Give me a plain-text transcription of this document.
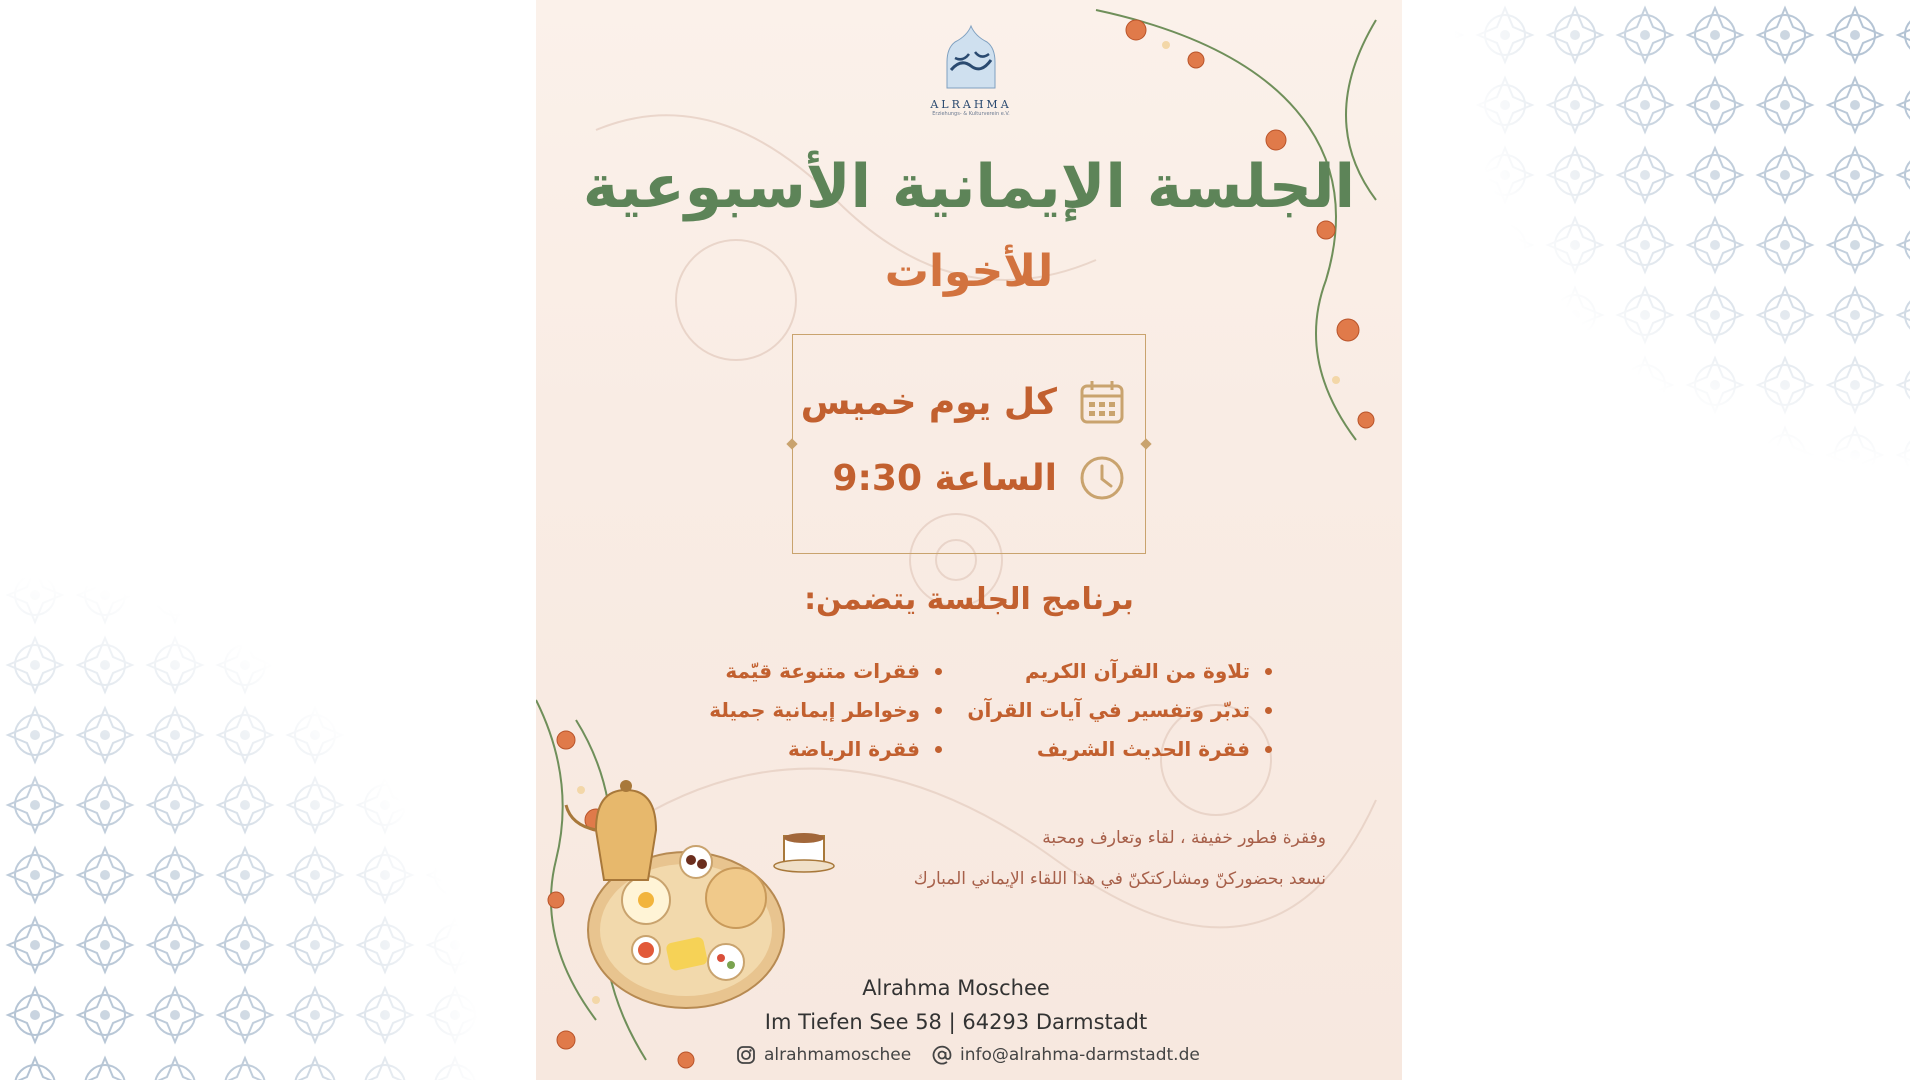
ALRAHMA
Erziehungs- & Kulturverein e.V.
الجلسة الإيمانية الأسبوعية
للأخوات
كل يوم خميس
الساعة 9:30
برنامج الجلسة يتضمن:
تلاوة من القرآن الكريم
تدبّر وتفسير في آيات القرآن
فقرة الحديث الشريف
فقرات متنوعة قيّمة
وخواطر إيمانية جميلة
فقرة الرياضة
وفقرة فطور خفيفة ، لقاء وتعارف ومحبة
نسعد بحضوركنّ ومشاركتكنّ في هذا اللقاء الإيماني المبارك
Alrahma Moschee
Im Tiefen See 58 | 64293 Darmstadt
alrahmamoschee	info@alrahma-darmstadt.de
